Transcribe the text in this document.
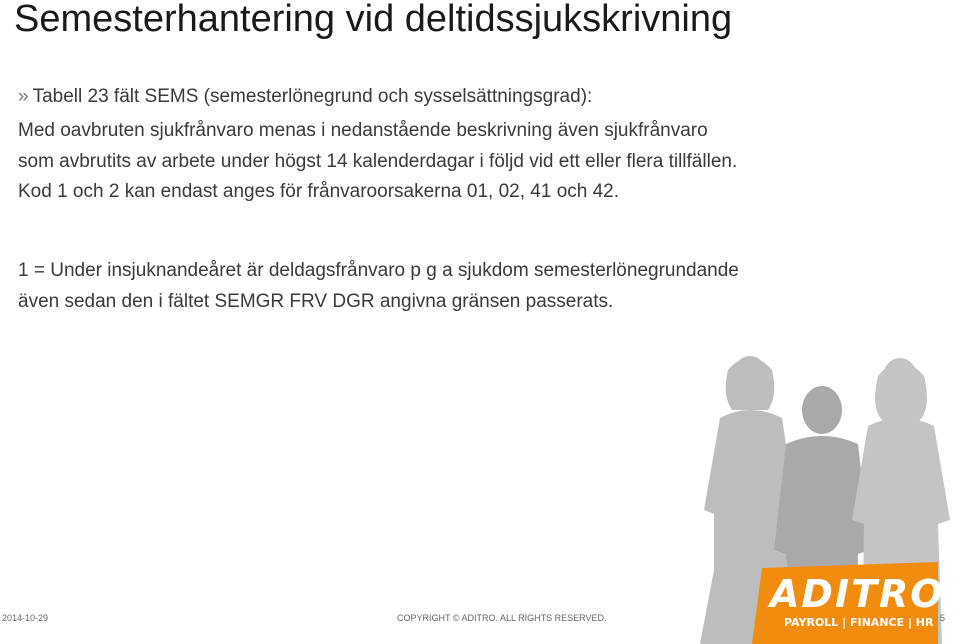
Semesterhantering vid deltidssjukskrivning
» Tabell 23 fält SEMS (semesterlönegrund och sysselsättningsgrad):
Med oavbruten sjukfrånvaro menas i nedanstående beskrivning även sjukfrånvaro
som avbrutits av arbete under högst 14 kalenderdagar i följd vid ett eller flera tillfällen.
Kod 1 och 2 kan endast anges för frånvaroorsakerna 01, 02, 41 och 42.
1 = Under insjuknandeåret är deldagsfrånvaro p g a sjukdom semesterlönegrundande
även sedan den i fältet SEMGR FRV DGR angivna gränsen passerats.
2014-10-29	COPYRIGHT © ADITRO. ALL RIGHTS RESERVED.	5
ADITRO
PAYROLL | FINANCE | HR
